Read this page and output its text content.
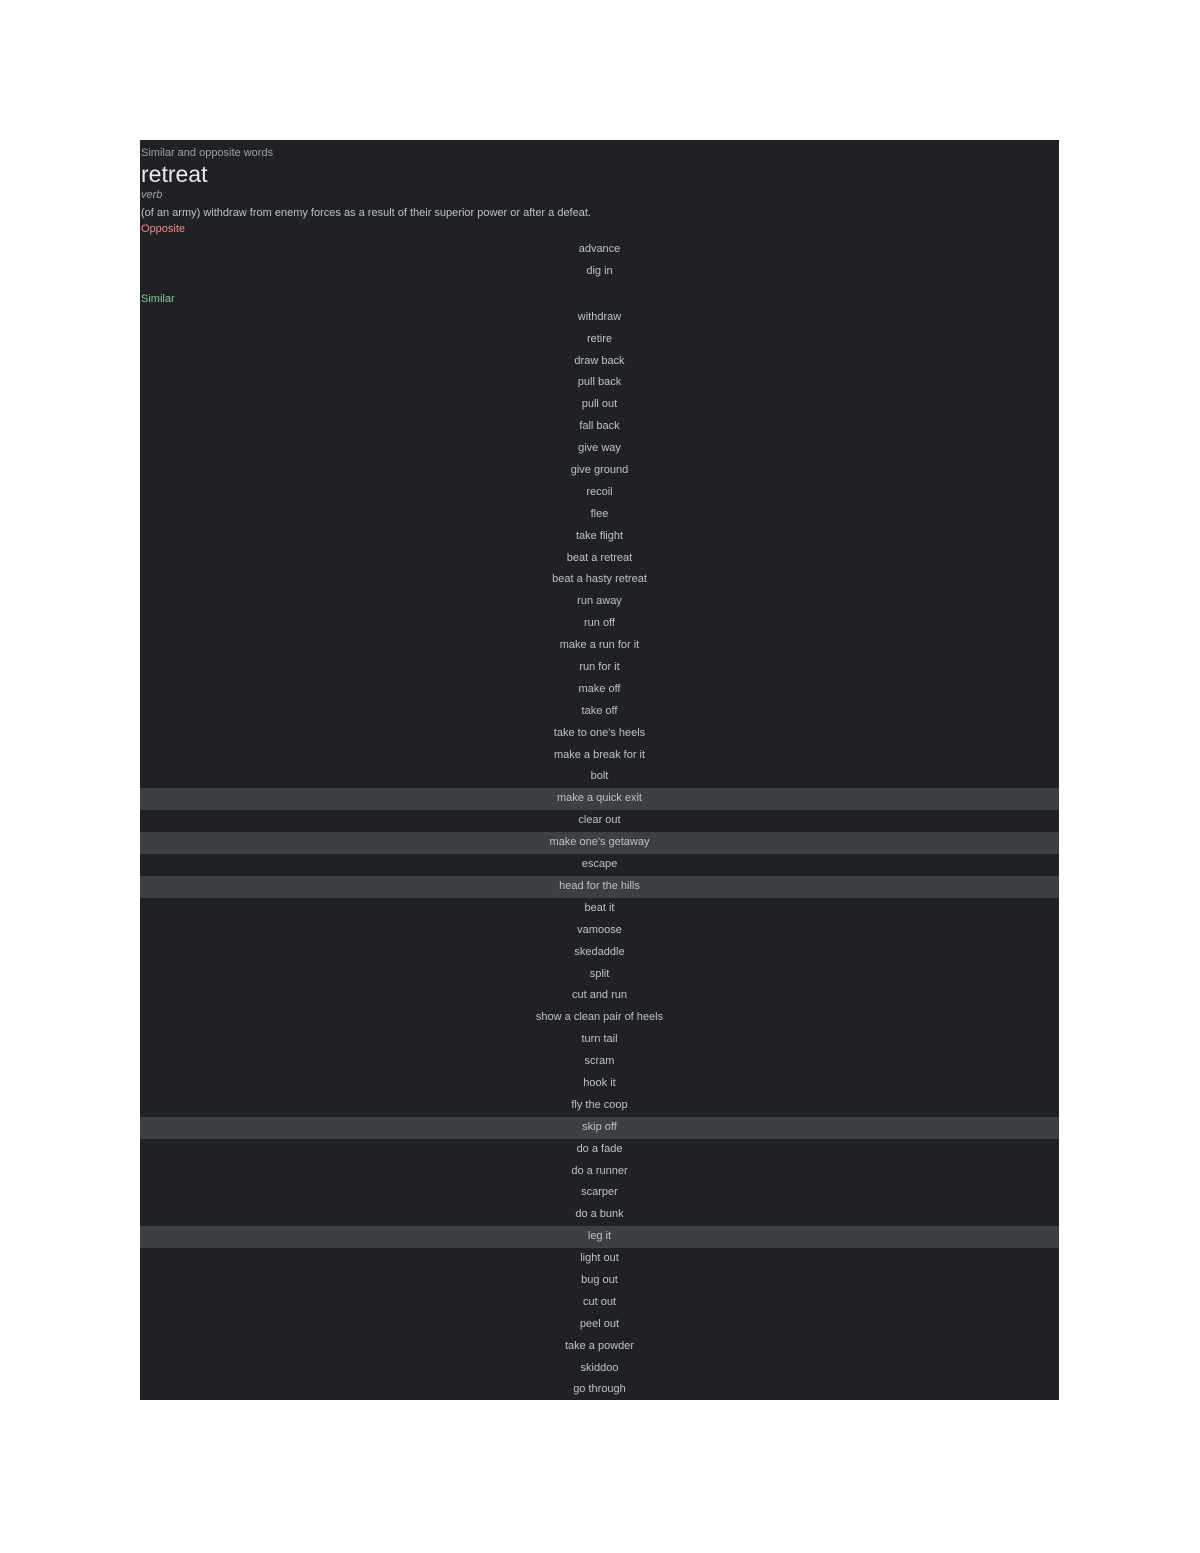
Similar and opposite words
retreat
verb
(of an army) withdraw from enemy forces as a result of their superior power or after a defeat.
Opposite
advance
dig in
Similar
withdraw
retire
draw back
pull back
pull out
fall back
give way
give ground
recoil
flee
take flight
beat a retreat
beat a hasty retreat
run away
run off
make a run for it
run for it
make off
take off
take to one's heels
make a break for it
bolt
make a quick exit
clear out
make one's getaway
escape
head for the hills
beat it
vamoose
skedaddle
split
cut and run
show a clean pair of heels
turn tail
scram
hook it
fly the coop
skip off
do a fade
do a runner
scarper
do a bunk
leg it
light out
bug out
cut out
peel out
take a powder
skiddoo
go through
